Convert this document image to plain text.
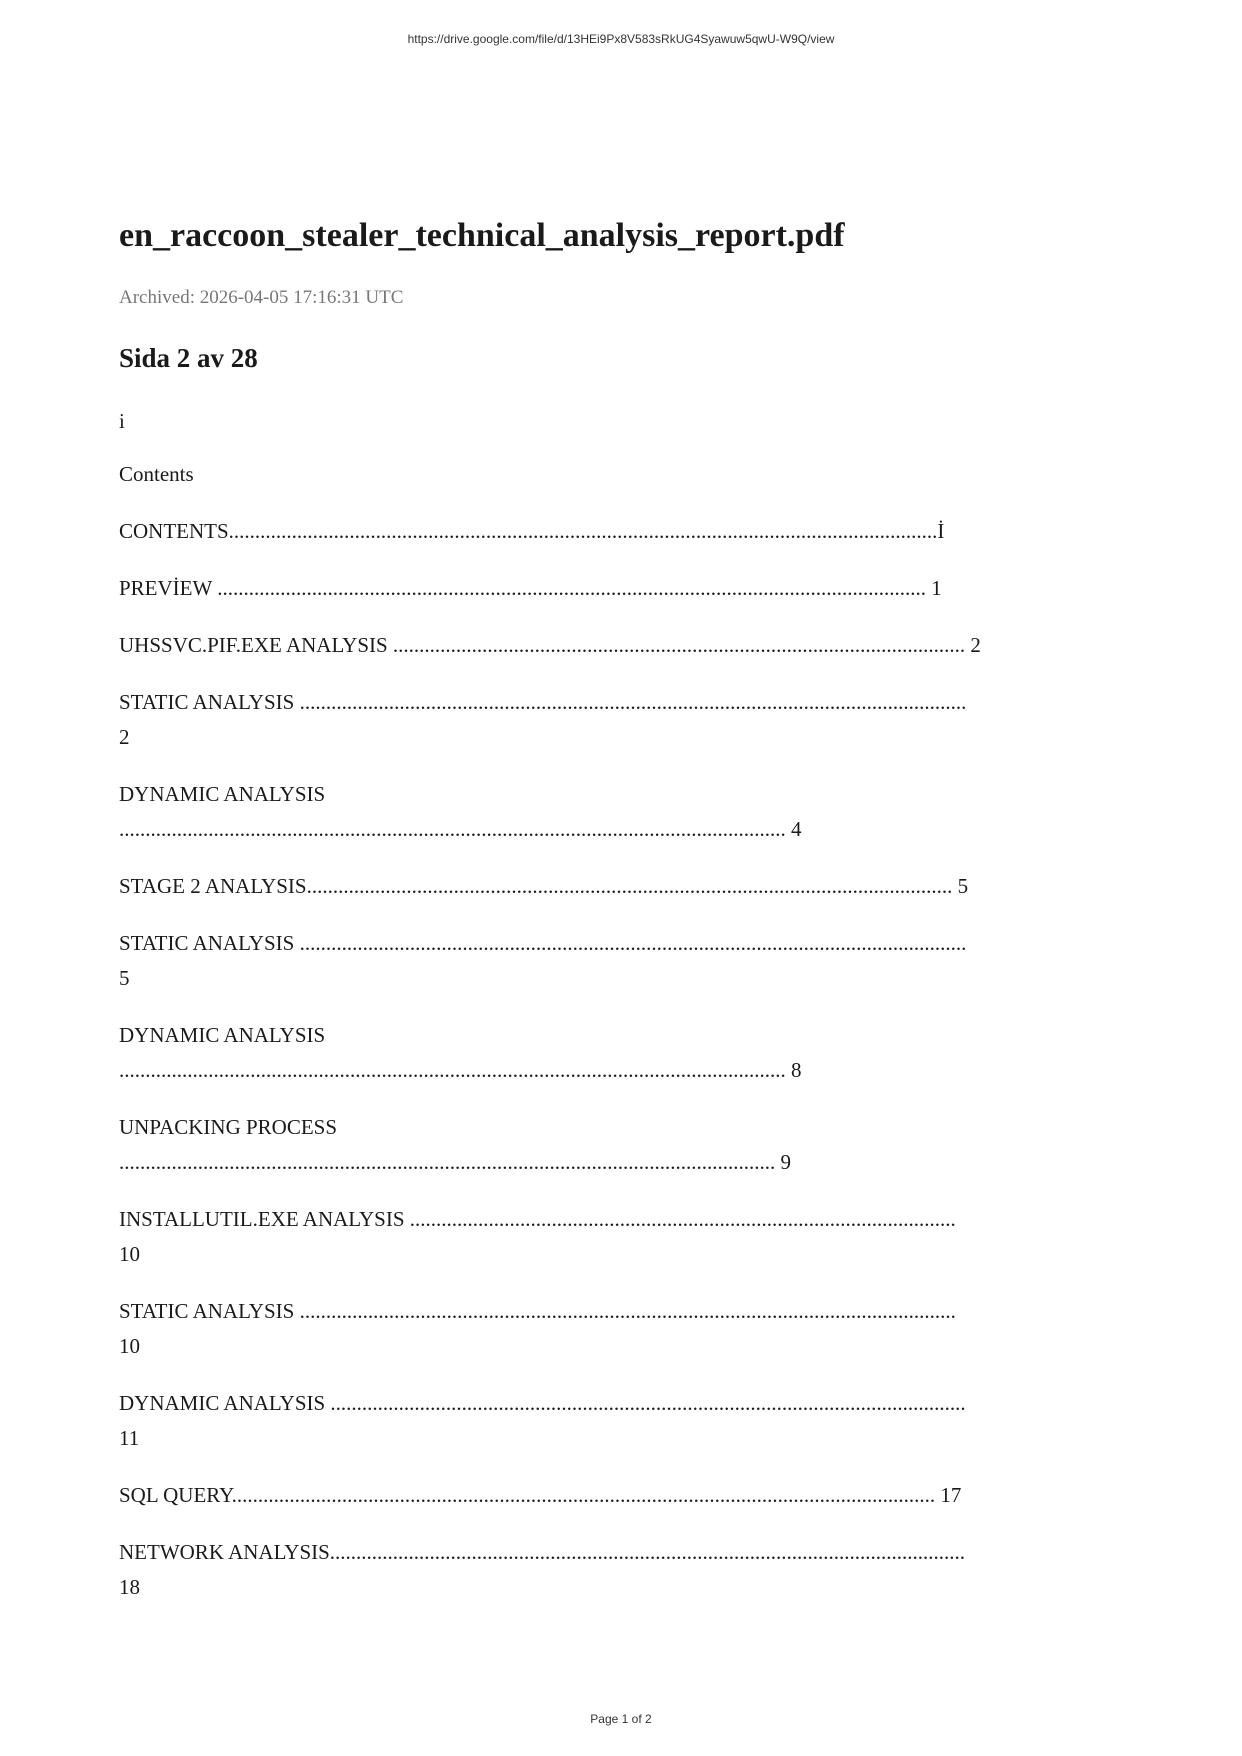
https://drive.google.com/file/d/13HEi9Px8V583sRkUG4Syawuw5qwU-W9Q/view
en_raccoon_stealer_technical_analysis_report.pdf
Archived: 2026-04-05 17:16:31 UTC
Sida 2 av 28

i

Contents

CONTENTS.......................................................................................................................................İ

PREVİEW ....................................................................................................................................... 1

UHSSVC.PIF.EXE ANALYSIS ............................................................................................................. 2

STATIC ANALYSIS ...............................................................................................................................
2

DYNAMIC ANALYSIS
............................................................................................................................... 4

STAGE 2 ANALYSIS........................................................................................................................... 5

STATIC ANALYSIS ...............................................................................................................................
5

DYNAMIC ANALYSIS
............................................................................................................................... 8

UNPACKING PROCESS
............................................................................................................................. 9

INSTALLUTIL.EXE ANALYSIS ........................................................................................................
10

STATIC ANALYSIS .............................................................................................................................
10

DYNAMIC ANALYSIS .........................................................................................................................
11

SQL QUERY...................................................................................................................................... 17

NETWORK ANALYSIS.........................................................................................................................
18

Page 1 of 2
